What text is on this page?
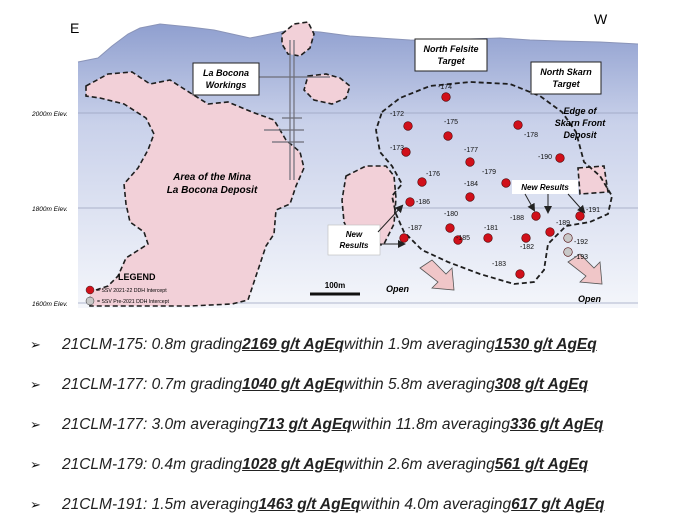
E
W
2000m Elev.
1800m Elev.
1600m Elev.
La Bocona
Workings
North Felsite
Target
North Skarn
Target
Edge of
Skarn Front
Deposit
Area of the Mina
La Bocona Deposit	New Results
New
Results
Open
Open
100m
LEGEND
= SSV 2021-22 DDH Intercept
= SSV Pre-2021 DDH Intercept
-174
-172
-175
-178
-173	-177
-190
-176	-179
-184
-186
-180
-188
-191
-187
-185
-181
-189
-182
-183
-192
-193
➢	21CLM-175: 0.8m grading 2169 g/t AgEq within 1.9m averaging 1530 g/t AgEq
➢	21CLM-177: 0.7m grading 1040 g/t AgEq within 5.8m averaging 308 g/t AgEq
➢	21CLM-177: 3.0m averaging 713 g/t AgEq within 11.8m averaging 336 g/t AgEq
➢	21CLM-179: 0.4m grading 1028 g/t AgEq within 2.6m averaging 561 g/t AgEq
➢	21CLM-191: 1.5m averaging 1463 g/t AgEq within 4.0m averaging 617 g/t AgEq
